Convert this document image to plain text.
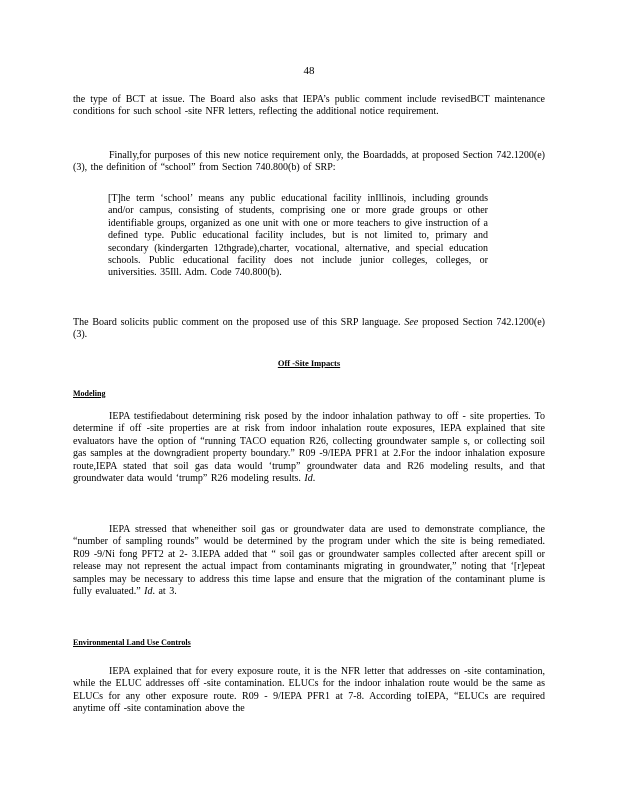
48

the type of BCT at issue. The Board also asks that IEPA’s public comment include revisedBCT maintenance conditions for such school -site NFR letters, reflecting the additional notice requirement.

Finally,for purposes of this new notice requirement only, the Boardadds, at proposed Section 742.1200(e)(3), the definition of “school” from Section 740.800(b) of SRP:

[T]he term ‘school’ means any public educational facility inIllinois, including grounds and/or campus, consisting of students, comprising one or more grade groups or other identifiable groups, organized as one unit with one or more teachers to give instruction of a defined type. Public educational facility includes, but is not limited to, primary and secondary (kindergarten 12thgrade),charter, vocational, alternative, and special education schools. Public educational facility does not include junior colleges, colleges, or universities. 35Ill. Adm. Code 740.800(b).

The Board solicits public comment on the proposed use of this SRP language. See proposed Section 742.1200(e)(3).

Off -Site Impacts
Modeling

IEPA testifiedabout determining risk posed by the indoor inhalation pathway to off - site properties. To determine if off -site properties are at risk from indoor inhalation route exposures, IEPA explained that site evaluators have the option of “running TACO equation R26, collecting groundwater sample s, or collecting soil gas samples at the downgradient property boundary.” R09 -9/IEPA PFR1 at 2.For the indoor inhalation exposure route,IEPA stated that soil gas data would ‘trump” groundwater data and R26 modeling results, and that groundwater data would ‘trump” R26 modeling results. Id.

IEPA stressed that wheneither soil gas or groundwater data are used to demonstrate compliance, the “number of sampling rounds” would be determined by the program under which the site is being remediated. R09 -9/Ni fong PFT2 at 2- 3.IEPA added that “ soil gas or groundwater samples collected after arecent spill or release may not represent the actual impact from contaminants migrating in groundwater,” noting that ‘[r]epeat samples may be necessary to address this time lapse and ensure that the migration of the contaminant plume is fully evaluated.” Id. at 3.

Environmental Land Use Controls

IEPA explained that for every exposure route, it is the NFR letter that addresses on -site contamination, while the ELUC addresses off -site contamination. ELUCs for the indoor inhalation route would be the same as ELUCs for any other exposure route. R09 - 9/IEPA PFR1 at 7-8. According toIEPA, “ELUCs are required anytime off -site contamination above the
